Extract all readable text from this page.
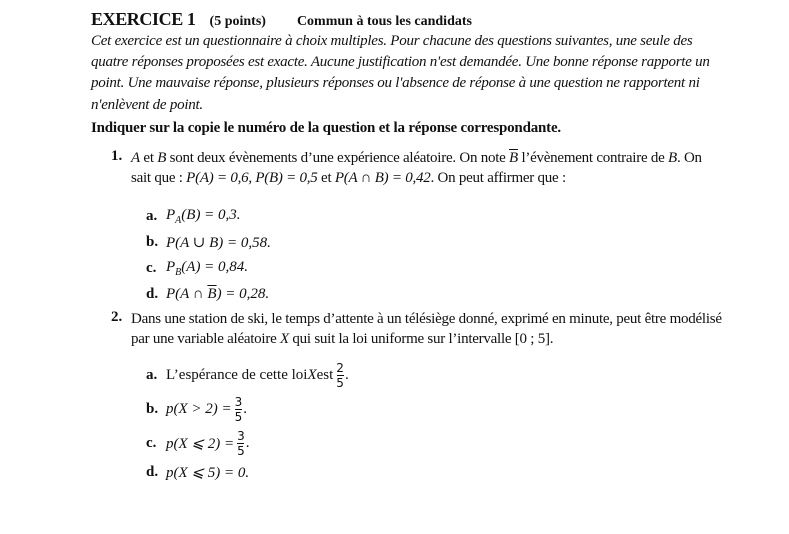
EXERCICE 1 (5 points) Commun à tous les candidats
Cet exercice est un questionnaire à choix multiples. Pour chacune des questions suivantes, une seule des quatre réponses proposées est exacte. Aucune justification n'est demandée. Une bonne réponse rapporte un point. Une mauvaise réponse, plusieurs réponses ou l'absence de réponse à une question ne rapportent ni n'enlèvent de point.
Indiquer sur la copie le numéro de la question et la réponse correspondante.
1. A et B sont deux évènements d’une expérience aléatoire. On note $\overline{B}$ l’évènement contraire de B. On sait que : P(A) = 0,6, P(B) = 0,5 et P(A ∩ B) = 0,42. On peut affirmer que :
a. $P_A(B) = 0,3$.
b. P(A ∪ B) = 0,58.
c. $P_B(A) = 0,84$.
d. P(A ∩ $\overline{B}) = 0,28$.
2. Dans une station de ski, le temps d’attente à un télésiège donné, exprimé en minute, peut être modélisé par une variable aléatoire X qui suit la loi uniforme sur l’intervalle [0 ; 5].
a. L’espérance de cette loi X est $\frac{2}{5}$ .
b. $p(X > 2) = \frac{3}{5}$ .
c. p(X ⩽ $2) = \frac{3}{5}$ .
d. p(X ⩽ 5) = 0.
